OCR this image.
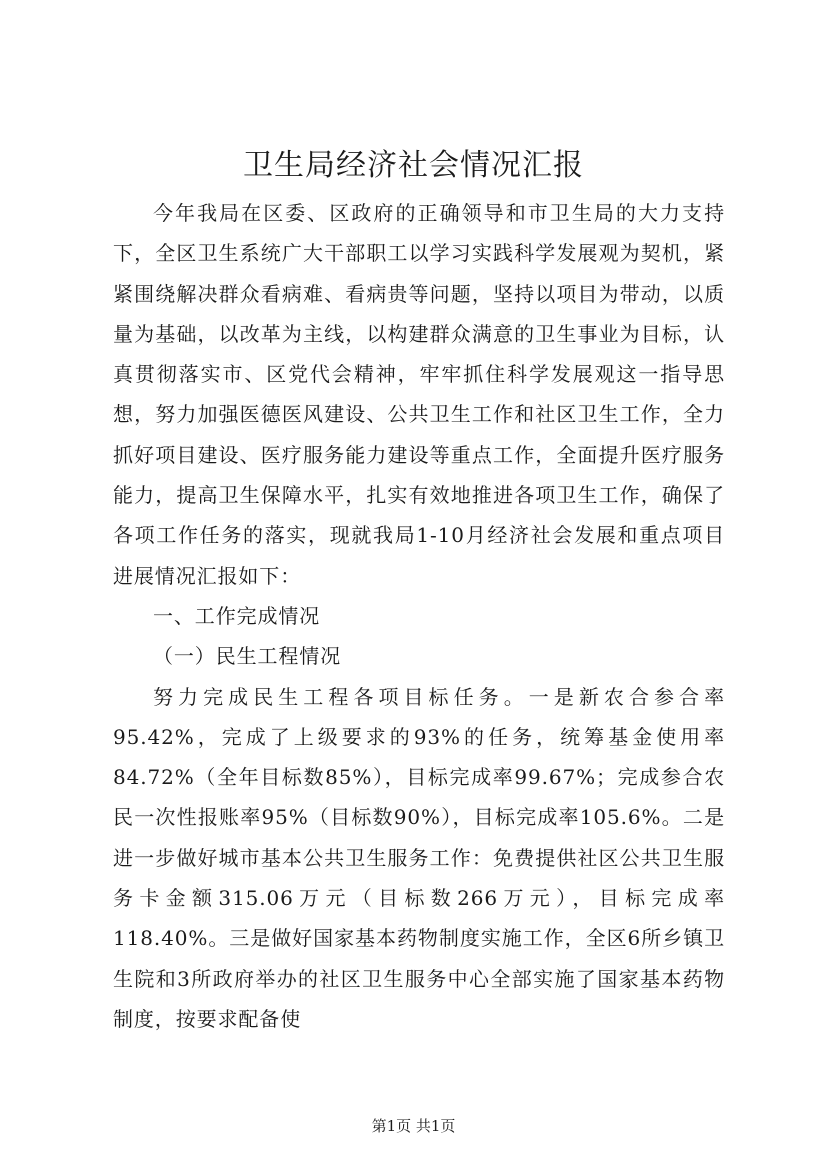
卫生局经济社会情况汇报

今年我局在区委、区政府的正确领导和市卫生局的大力支持下，全区卫生系统广大干部职工以学习实践科学发展观为契机，紧紧围绕解决群众看病难、看病贵等问题，坚持以项目为带动，以质量为基础，以改革为主线，以构建群众满意的卫生事业为目标，认真贯彻落实市、区党代会精神，牢牢抓住科学发展观这一指导思想，努力加强医德医风建设、公共卫生工作和社区卫生工作，全力抓好项目建设、医疗服务能力建设等重点工作，全面提升医疗服务能力，提高卫生保障水平，扎实有效地推进各项卫生工作，确保了各项工作任务的落实，现就我局1-10月经济社会发展和重点项目进展情况汇报如下：

一、工作完成情况

（一）民生工程情况

努力完成民生工程各项目标任务。一是新农合参合率95.42%，完成了上级要求的93%的任务，统筹基金使用率84.72%（全年目标数85%），目标完成率99.67%；完成参合农民一次性报账率95%（目标数90%），目标完成率105.6%。二是进一步做好城市基本公共卫生服务工作：免费提供社区公共卫生服务卡金额315.06万元（目标数266万元），目标完成率118.40%。三是做好国家基本药物制度实施工作，全区6所乡镇卫生院和3所政府举办的社区卫生服务中心全部实施了国家基本药物制度，按要求配备使

第1页 共1页
